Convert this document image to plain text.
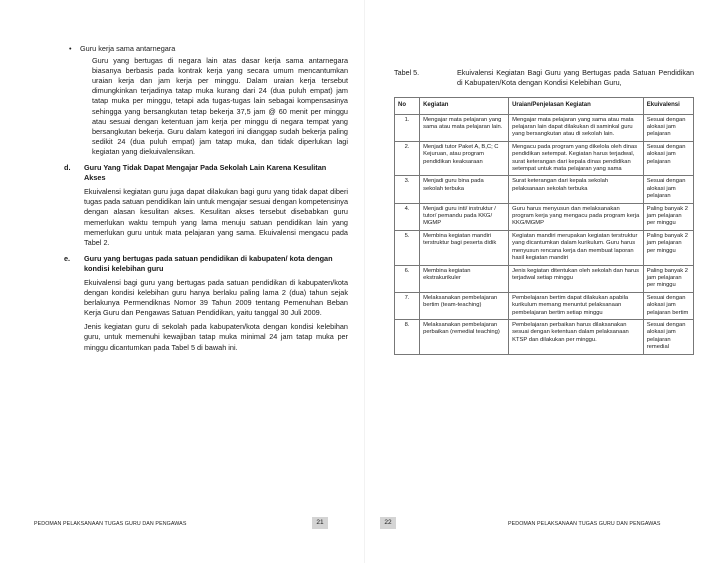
• Guru kerja sama antarnegara
Guru yang bertugas di negara lain atas dasar kerja sama antarnegara biasanya berbasis pada kontrak kerja yang secara umum mencantumkan uraian kerja dan jam kerja per minggu. Dalam uraian kerja tersebut dimungkinkan terjadinya tatap muka kurang dari 24 (dua puluh empat) jam tatap muka per minggu, tetapi ada tugas-tugas lain sebagai kompensasinya sehingga yang bersangkutan tetap bekerja 37,5 jam @ 60 menit per minggu atau sesuai dengan ketentuan jam kerja per minggu di negara tempat yang bersangkutan bekerja. Guru dalam kategori ini dianggap sudah bekerja paling sedikit 24 (dua puluh empat) jam tatap muka, dan tidak diperlukan lagi kegiatan yang diekuivalensikan.
d. Guru Yang Tidak Dapat Mengajar Pada Sekolah Lain Karena Kesulitan Akses
Ekuivalensi kegiatan guru juga dapat dilakukan bagi guru yang tidak dapat diberi tugas pada satuan pendidikan lain untuk mengajar sesuai dengan kompetensinya dengan alasan kesulitan akses. Kesulitan akses tersebut disebabkan guru memerlukan waktu tempuh yang lama menuju satuan pendidikan lain yang memerlukan guru untuk mata pelajaran yang sama. Ekuivalensi mengacu pada Tabel 2.
e. Guru yang bertugas pada satuan pendidikan di kabupaten/ kota dengan kondisi kelebihan guru
Ekuivalensi bagi guru yang bertugas pada satuan pendidikan di kabupaten/kota dengan kondisi kelebihan guru hanya berlaku paling lama 2 (dua) tahun sejak berlakunya Permendiknas Nomor 39 Tahun 2009 tentang Pemenuhan Beban Kerja Guru dan Pengawas Satuan Pendidikan, yaitu tanggal 30 Juli 2009.
Jenis kegiatan guru di sekolah pada kabupaten/kota dengan kondisi kelebihan guru, untuk memenuhi kewajiban tatap muka minimal 24 jam tatap muka per minggu dicantumkan pada Tabel 5 di bawah ini.
PEDOMAN PELAKSANAAN TUGAS GURU DAN PENGAWAS	21
Tabel 5.	Ekuivalensi Kegiatan Bagi Guru yang Bertugas pada Satuan Pendidikan di Kabupaten/Kota dengan Kondisi Kelebihan Guru,
No	Kegiatan	Uraian/Penjelasan Kegiatan	Ekuivalensi
1.	Mengajar mata pelajaran yang sama atau mata pelajaran lain.	Mengajar mata pelajaran yang sama atau mata pelajaran lain dapat dilakukan di saminkal guru yang bersangkutan atau di sekolah lain.	Sesuai dengan alokasi jam pelajaran
2.	Menjadi tutor Paket A, B,C; C Kejuruan, atau program pendidikan keaksaraan	Mengacu pada program yang dikelola oleh dinas pendidikan setempat. Kegiatan harus terjadwal, surat keterangan dari kepala dinas pendidikan setempat untuk mata pelajaran yang sama	Sesuai dengan alokasi jam pelajaran
3.	Menjadi guru bina pada sekolah terbuka	Surat keterangan dari kepala sekolah pelaksanaan sekolah terbuka	Sesuai dengan alokasi jam pelajaran
4.	Menjadi guru inti/ instruktur / tutor/ pemandu pada KKG/ MGMP	Guru harus menyusun dan melaksanakan program kerja yang mengacu pada program kerja KKG/MGMP	Paling banyak 2 jam pelajaran per minggu
5.	Membina kegiatan mandiri terstruktur bagi peserta didik	Kegiatan mandiri merupakan kegiatan terstruktur yang dicantumkan dalam kurikulum. Guru harus menyusun rencana kerja dan membuat laporan hasil kegiatan mandiri	Paling banyak 2 jam pelajaran per minggu
6.	Membina kegiatan ekstrakurikuler	Jenis kegiatan ditentukan oleh sekolah dan harus terjadwal setiap minggu	Paling banyak 2 jam pelajaran per minggu
7.	Melaksanakan pembelajaran bertim (team-teaching)	Pembelajaran bertim dapat dilakukan apabila kurikulum memang menuntut pelaksanaan pembelajaran bertim setiap minggu	Sesuai dengan alokasi jam pelajaran bertim
8.	Melaksanakan pembelajaran perbaikan (remedial teaching)	Pembelajaran perbaikan harus dilaksanakan sesuai dengan ketentuan dalam pelaksanaan KTSP dan dilakukan per minggu.	Sesuai dengan alokasi jam pelajaran remedial
22	PEDOMAN PELAKSANAAN TUGAS GURU DAN PENGAWAS
